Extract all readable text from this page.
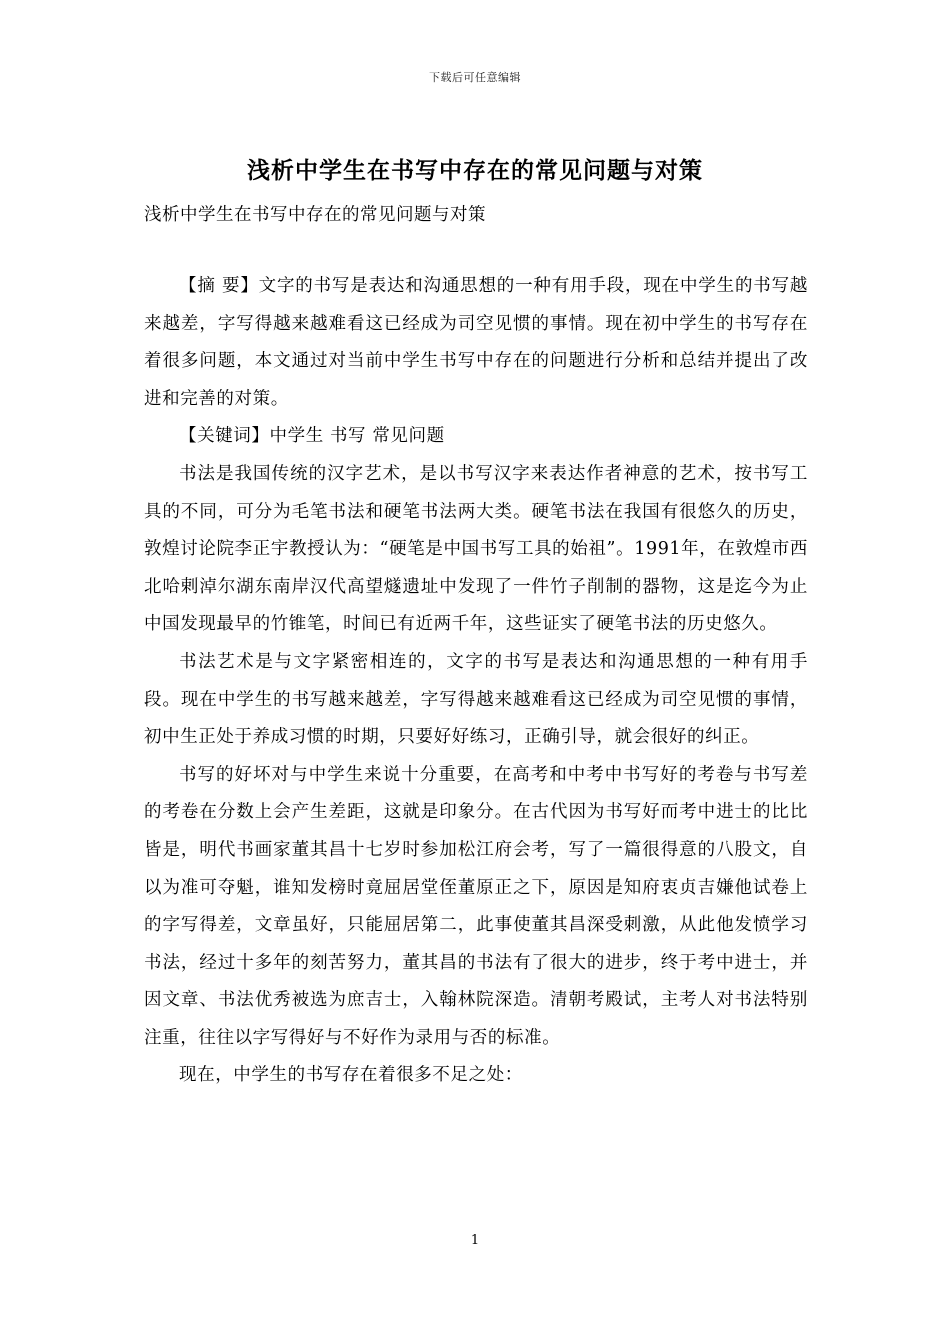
下载后可任意编辑
浅析中学生在书写中存在的常见问题与对策
浅析中学生在书写中存在的常见问题与对策

【摘 要】文字的书写是表达和沟通思想的一种有用手段，现在中学生的书写越来越差，字写得越来越难看这已经成为司空见惯的事情。现在初中学生的书写存在着很多问题，本文通过对当前中学生书写中存在的问题进行分析和总结并提出了改进和完善的对策。

【关键词】中学生 书写 常见问题

书法是我国传统的汉字艺术，是以书写汉字来表达作者神意的艺术，按书写工具的不同，可分为毛笔书法和硬笔书法两大类。硬笔书法在我国有很悠久的历史，敦煌讨论院李正宇教授认为：“硬笔是中国书写工具的始祖”。1991年，在敦煌市西北哈剌淖尔湖东南岸汉代高望燧遗址中发现了一件竹子削制的器物，这是迄今为止中国发现最早的竹锥笔，时间已有近两千年，这些证实了硬笔书法的历史悠久。

书法艺术是与文字紧密相连的，文字的书写是表达和沟通思想的一种有用手段。现在中学生的书写越来越差，字写得越来越难看这已经成为司空见惯的事情，初中生正处于养成习惯的时期，只要好好练习，正确引导，就会很好的纠正。

书写的好坏对与中学生来说十分重要，在高考和中考中书写好的考卷与书写差的考卷在分数上会产生差距，这就是印象分。在古代因为书写好而考中进士的比比皆是，明代书画家董其昌十七岁时参加松江府会考，写了一篇很得意的八股文，自以为准可夺魁，谁知发榜时竟屈居堂侄董原正之下，原因是知府衷贞吉嫌他试卷上的字写得差，文章虽好，只能屈居第二，此事使董其昌深受刺激，从此他发愤学习书法，经过十多年的刻苦努力，董其昌的书法有了很大的进步，终于考中进士，并因文章、书法优秀被选为庶吉士，入翰林院深造。清朝考殿试，主考人对书法特别注重，往往以字写得好与不好作为录用与否的标准。

现在，中学生的书写存在着很多不足之处：

1
